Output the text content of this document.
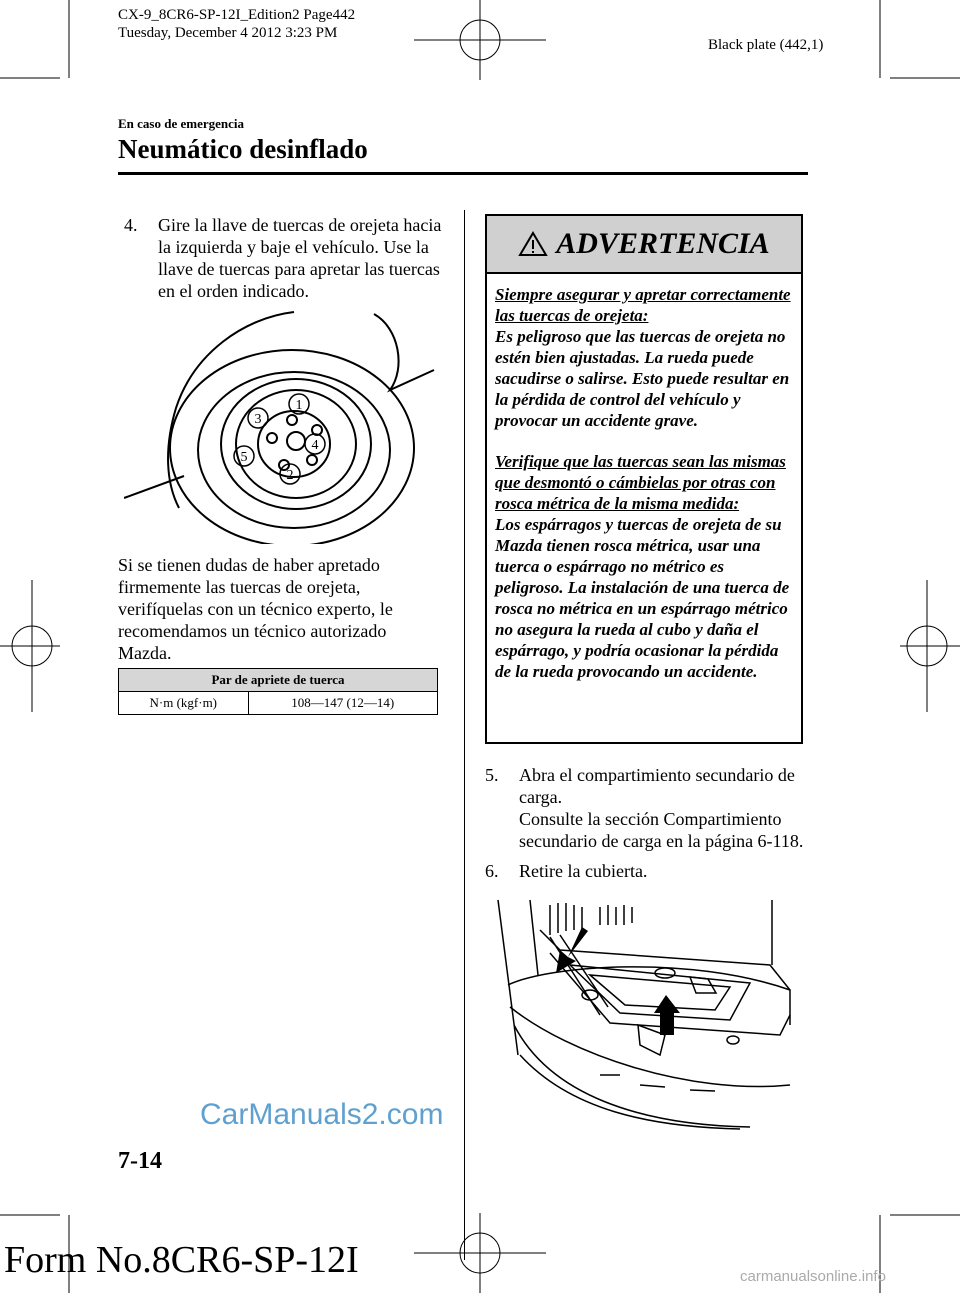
CX-9_8CR6-SP-12I_Edition2 Page442
Tuesday, December 4 2012 3:23 PM
Black plate (442,1)
En caso de emergencia
Neumático desinflado
4. Gire la llave de tuercas de orejeta hacia la izquierda y baje el vehículo. Use la llave de tuercas para apretar las tuercas en el orden indicado.

1
2
3
4
5
Si se tienen dudas de haber apretado firmemente las tuercas de orejeta, verifíquelas con un técnico experto, le recomendamos un técnico autorizado Mazda.
Par de apriete de tuerca
N·m (kgf·m)	108—147 (12—14)
ADVERTENCIA

Siempre asegurar y apretar correctamente las tuercas de orejeta:

Es peligroso que las tuercas de orejeta no estén bien ajustadas. La rueda puede sacudirse o salirse. Esto puede resultar en la pérdida de control del vehículo y provocar un accidente grave.

Verifique que las tuercas sean las mismas que desmontó o cámbielas por otras con rosca métrica de la misma medida:

Los espárragos y tuercas de orejeta de su Mazda tienen rosca métrica, usar una tuerca o espárrago no métrico es peligroso. La instalación de una tuerca de rosca no métrica en un espárrago métrico no asegura la rueda al cubo y daña el espárrago, y podría ocasionar la pérdida de la rueda provocando un accidente.

5. Abra el compartimiento secundario de carga.

Consulte la sección Compartimiento secundario de carga en la página 6-118.

6. Retire la cubierta.

7-14
CarManuals2.com
Form No.8CR6-SP-12I	carmanualsonline.info
